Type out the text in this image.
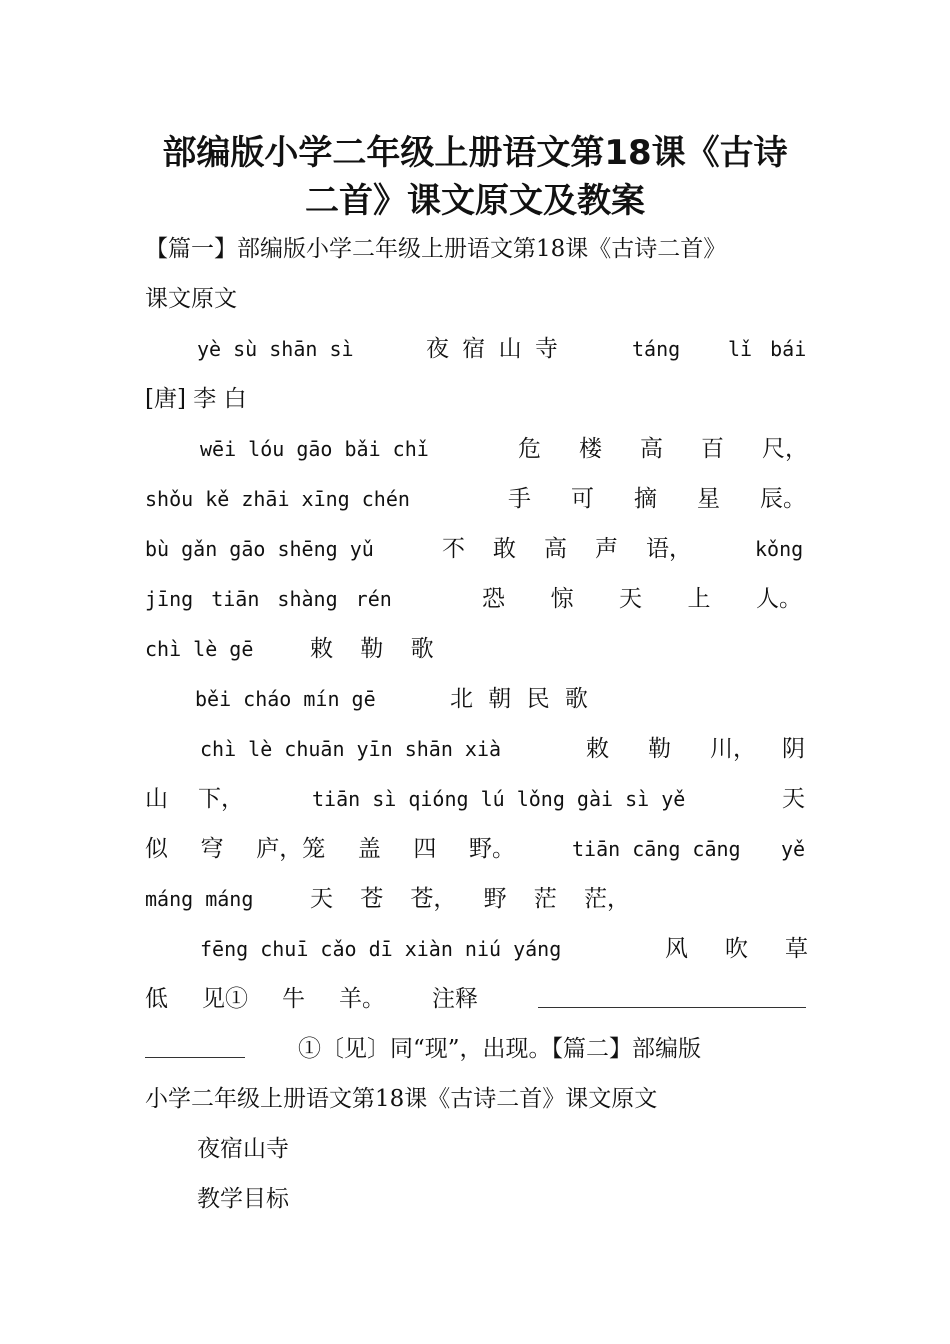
部编版小学二年级上册语文第18课《古诗
二首》课文原文及教案
【篇一】部编版小学二年级上册语文第18课《古诗二首》
课文原文
yè sù shān sì	夜 宿 山 寺	táng lǐ bái
[唐] 李 白
wēi lóu gāo bǎi chǐ	危 楼 高 百 尺，
shǒu kě zhāi xīng chén	手 可 摘 星 辰。
bù gǎn gāo shēng yǔ	不 敢 高 声 语，	kǒng
jīng tiān shàng rén	恐 惊 天 上 人。
chì lè gē 敕 勒 歌
běi cháo mín gē	北 朝 民 歌
chì lè chuān yīn shān xià	敕 勒 川， 阴
山 下，	tiān sì qióng lú lǒng gài sì yě	天
似 穹 庐，笼 盖 四 野。	tiān cāng cāng yě
máng máng 天 苍 苍， 野 茫 茫，
fēng chuī cǎo dī xiàn niú yáng	风 吹 草
低 见① 牛 羊。 注释
①〔见〕同“现”，出现。【篇二】部编版
小学二年级上册语文第18课《古诗二首》课文原文
夜宿山寺
教学目标
